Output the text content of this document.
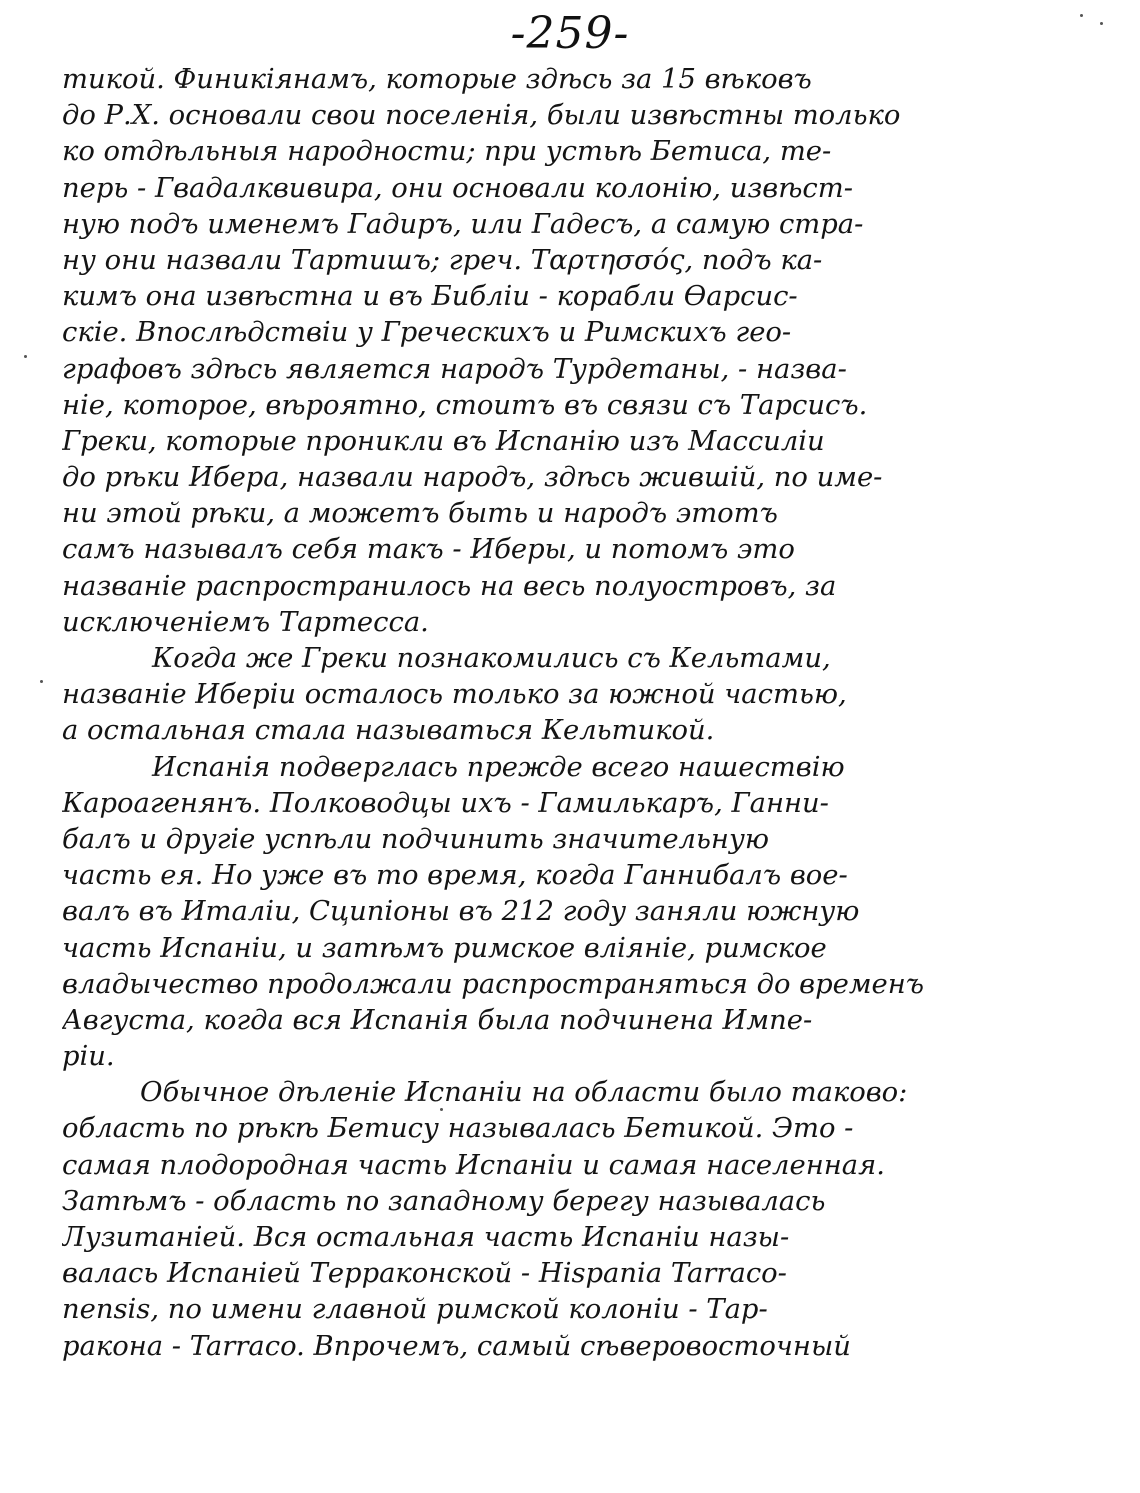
-259-
тикой. Финикіянамъ, которые здѣсь за 15 вѣковъ
до Р.Х. основали свои поселенія, были извѣстны только
ко отдѣльныя народности; при устьѣ Бетиса, те-
перь - Гвадалквивира, они основали колонію, извѣст-
ную подъ именемъ Гадиръ, или Гадесъ, а самую стра-
ну они назвали Тартишъ; греч. Ταρτησσός, подъ ка-
кимъ она извѣстна и въ Библіи - корабли Өарсис-
скіе. Впослѣдствіи у Греческихъ и Римскихъ гео-
графовъ здѣсь является народъ Турдетаны, - назва-
ніе, которое, вѣроятно, стоитъ въ связи съ Тарсисъ.
Греки, которые проникли въ Испанію изъ Массиліи
до рѣки Ибера, назвали народъ, здѣсь жившій, по име-
ни этой рѣки, а можетъ быть и народъ этотъ
самъ называлъ себя такъ - Иберы, и потомъ это
названіе распространилось на весь полуостровъ, за
исключеніемъ Тартесса.
Когда же Греки познакомились съ Кельтами,
названіе Иберіи осталось только за южной частью,
а остальная стала называться Кельтикой.
Испанія подверглась прежде всего нашествію
Кароагенянъ. Полководцы ихъ - Гамилькаръ, Ганни-
балъ и другіе успѣли подчинить значительную
часть ея. Но уже въ то время, когда Ганнибалъ вое-
валъ въ Италіи, Сципіоны въ 212 году заняли южную
часть Испаніи, и затѣмъ римское вліяніе, римское
владычество продолжали распространяться до временъ
Августа, когда вся Испанія была подчинена Импе-
ріи.
Обычное дѣленіе Испаніи на области было таково:
область по рѣкѣ Бетису называлась Бетикой. Это -
самая плодородная часть Испаніи и самая населенная.
Затѣмъ - область по западному берегу называлась
Лузитаніей. Вся остальная часть Испаніи назы-
валась Испаніей Терраконской - Hispania Tarraco-
nensis, по имени главной римской колоніи - Тар-
ракона - Tarraco. Впрочемъ, самый сѣверовосточный
